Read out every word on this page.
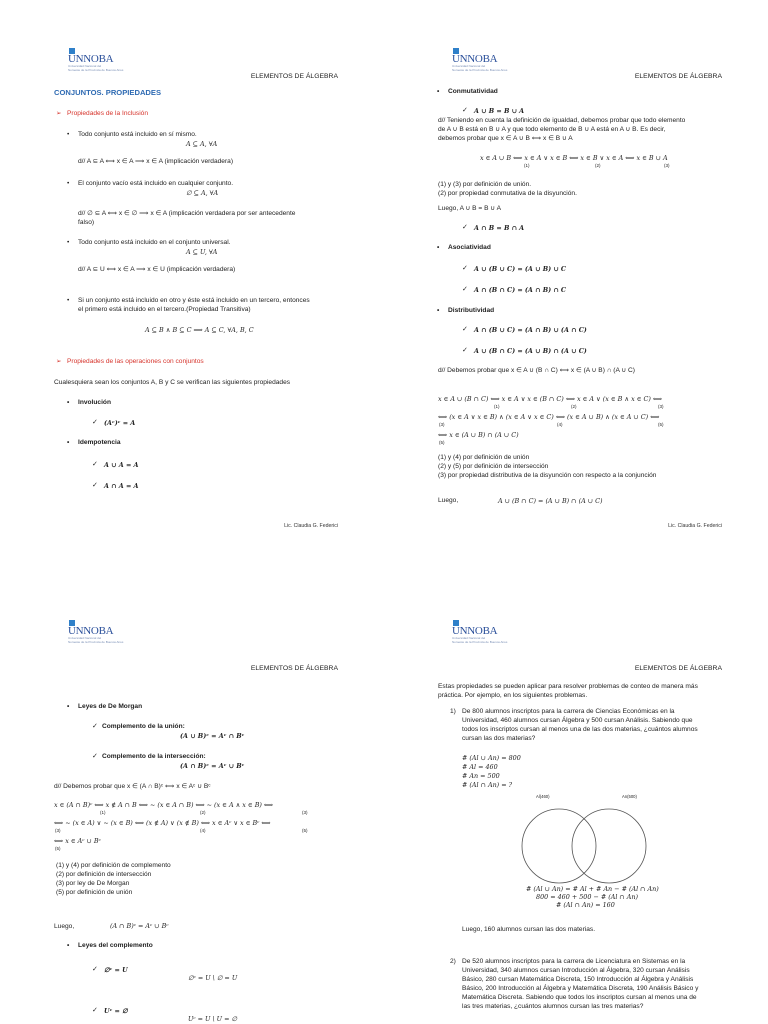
UNNOBA
Universidad Nacional del
Noroeste de la Provincia de Buenos Aires
ELEMENTOS DE ÁLGEBRA
CONJUNTOS. PROPIEDADES
➢ Propiedades de la Inclusión
• Todo conjunto está incluido en sí mismo.
A ⊆ A, ∀A
d// A ⊆ A ⟺ x ∈ A ⟹ x ∈ A (implicación verdadera)
• El conjunto vacío está incluido en cualquier conjunto.
∅ ⊆ A, ∀A
d// ∅ ⊆ A ⟺ x ∈ ∅ ⟹ x ∈ A (implicación verdadera por ser antecedente
falso)
• Todo conjunto está incluido en el conjunto universal.
A ⊆ U, ∀A
d// A ⊆ U ⟺ x ∈ A ⟹ x ∈ U (implicación verdadera)
• Si un conjunto está incluido en otro y éste está incluido en un tercero, entonces
el primero está incluido en el tercero.(Propiedad Transitiva)
A ⊆ B ∧ B ⊆ C ⟹ A ⊆ C, ∀A, B, C
➢ Propiedades de las operaciones con conjuntos
Cualesquiera sean los conjuntos A, B y C se verifican las siguientes propiedades
• Involución
✓ (Aᶜ)ᶜ = A
• Idempotencia
✓ A ∪ A = A
✓ A ∩ A = A
Lic. Claudia G. Federici
UNNOBA
Universidad Nacional del
Noroeste de la Provincia de Buenos Aires
ELEMENTOS DE ÁLGEBRA
• Conmutatividad
✓ A ∪ B = B ∪ A
d// Teniendo en cuenta la definición de igualdad, debemos probar que todo elemento
de A ∪ B está en B ∪ A y que todo elemento de B ∪ A está en A ∪ B. Es decir,
debemos probar que x ∈ A ∪ B ⟺ x ∈ B ∪ A
x ∈ A ∪ B ⟺ x ∈ A ∨ x ∈ B ⟺ x ∈ B ∨ x ∈ A ⟺ x ∈ B ∪ A
(1)	(2)	(3)
(1) y (3) por definición de unión.
(2) por propiedad conmutativa de la disyunción.
Luego, A ∪ B = B ∪ A
✓ A ∩ B = B ∩ A
• Asociatividad
✓ A ∪ (B ∪ C) = (A ∪ B) ∪ C
✓ A ∩ (B ∩ C) = (A ∩ B) ∩ C
• Distributividad
✓ A ∩ (B ∪ C) = (A ∩ B) ∪ (A ∩ C)
✓ A ∪ (B ∩ C) = (A ∪ B) ∩ (A ∪ C)
d// Debemos probar que x ∈ A ∪ (B ∩ C) ⟺ x ∈ (A ∪ B) ∩ (A ∪ C)
x ∈ A ∪ (B ∩ C) ⟺ x ∈ A ∨ x ∈ (B ∩ C) ⟺ x ∈ A ∨ (x ∈ B ∧ x ∈ C) ⟺
(1)	(2)	(3)
⟺ (x ∈ A ∨ x ∈ B) ∧ (x ∈ A ∨ x ∈ C) ⟺ (x ∈ A ∪ B) ∧ (x ∈ A ∪ C) ⟺
(3)	(4)	(5)
⟺ x ∈ (A ∪ B) ∩ (A ∪ C)
(5)
(1) y (4) por definición de unión
(2) y (5) por definición de intersección
(3) por propiedad distributiva de la disyunción con respecto a la conjunción
Luego,	A ∪ (B ∩ C) = (A ∪ B) ∩ (A ∪ C)
Lic. Claudia G. Federici
UNNOBA
Universidad Nacional del
Noroeste de la Provincia de Buenos Aires
ELEMENTOS DE ÁLGEBRA
• Leyes de De Morgan
✓ Complemento de la unión:
(A ∪ B)ᶜ = Aᶜ ∩ Bᶜ
✓ Complemento de la intersección:
(A ∩ B)ᶜ = Aᶜ ∪ Bᶜ
d// Debemos probar que x ∈ (A ∩ B)ᶜ ⟺ x ∈ Aᶜ ∪ Bᶜ
x ∈ (A ∩ B)ᶜ ⟺ x ∉ A ∩ B ⟺ ~ (x ∈ A ∩ B) ⟺ ~ (x ∈ A ∧ x ∈ B) ⟺
(1)	(2)	(3)
⟺ ~ (x ∈ A) ∨ ~ (x ∈ B) ⟺ (x ∉ A) ∨ (x ∉ B) ⟺ x ∈ Aᶜ ∨ x ∈ Bᶜ ⟺
(3)	(4)	(5)
⟺ x ∈ Aᶜ ∪ Bᶜ
(5)
(1) y (4) por definición de complemento
(2) por definición de intersección
(3) por ley de De Morgan
(5) por definición de unión
Luego,	(A ∩ B)ᶜ = Aᶜ ∪ Bᶜ
• Leyes del complemento
✓ ∅ᶜ = U
∅ᶜ = U \ ∅ = U
✓ Uᶜ = ∅
Uᶜ = U \ U = ∅
UNNOBA
Universidad Nacional del
Noroeste de la Provincia de Buenos Aires
ELEMENTOS DE ÁLGEBRA
Estas propiedades se pueden aplicar para resolver problemas de conteo de manera más
práctica. Por ejemplo, en los siguientes problemas.
1) De 800 alumnos inscriptos para la carrera de Ciencias Económicas en la
Universidad, 460 alumnos cursan Álgebra y 500 cursan Análisis. Sabiendo que
todos los inscriptos cursan al menos una de las dos materias, ¿cuántos alumnos
cursan las dos materias?
# (Al ∪ An) = 800
# Al = 460
# An = 500
# (Al ∩ An) = ?
Al(460)	An(500)
# (Al ∪ An) = # Al + # An − # (Al ∩ An)
800 = 460 + 500 − # (Al ∩ An)
# (Al ∩ An) = 160
Luego, 160 alumnos cursan las dos materias.
2) De 520 alumnos inscriptos para la carrera de Licenciatura en Sistemas en la
Universidad, 340 alumnos cursan Introducción al Álgebra, 320 cursan Análisis
Básico, 280 cursan Matemática Discreta, 150 Introducción al Álgebra y Análisis
Básico, 200 Introducción al Álgebra y Matemática Discreta, 190 Análisis Básico y
Matemática Discreta. Sabiendo que todos los inscriptos cursan al menos una de
las tres materias, ¿cuántos alumnos cursan las tres materias?
